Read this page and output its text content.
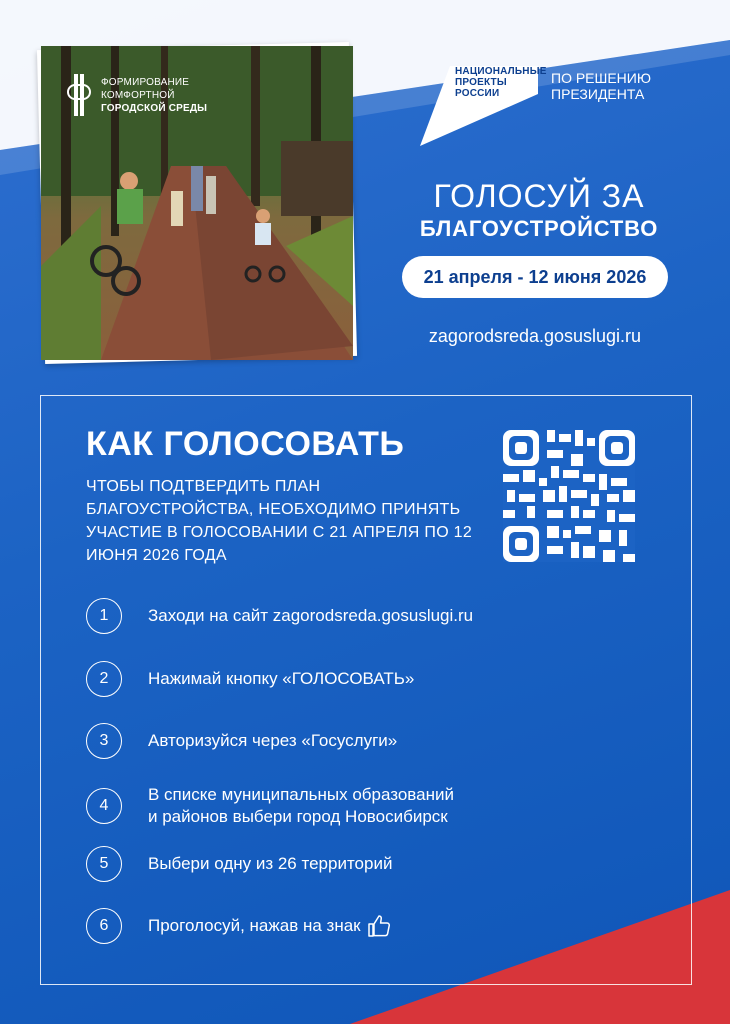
ФОРМИРОВАНИЕ
КОМФОРТНОЙ
ГОРОДСКОЙ СРЕДЫ
НАЦИОНАЛЬНЫЕ
ПРОЕКТЫ
РОССИИ
ПО РЕШЕНИЮ
ПРЕЗИДЕНТА
ГОЛОСУЙ ЗА
БЛАГОУСТРОЙСТВО
21 апреля - 12 июня 2026
zagorodsreda.gosuslugi.ru
КАК ГОЛОСОВАТЬ
ЧТОБЫ ПОДТВЕРДИТЬ ПЛАН БЛАГОУСТРОЙСТВА, НЕОБХОДИМО ПРИНЯТЬ УЧАСТИЕ В ГОЛОСОВАНИИ С 21 АПРЕЛЯ ПО 12 ИЮНЯ 2026 ГОДА
1	Заходи на сайт zagorodsreda.gosuslugi.ru
2	Нажимай кнопку «ГОЛОСОВАТЬ»
3	Авторизуйся через «Госуслуги»
4
В списке муниципальных образований
и районов выбери город Новосибирск
5	Выбери одну из 26 территорий
6	Проголосуй, нажав на знак
